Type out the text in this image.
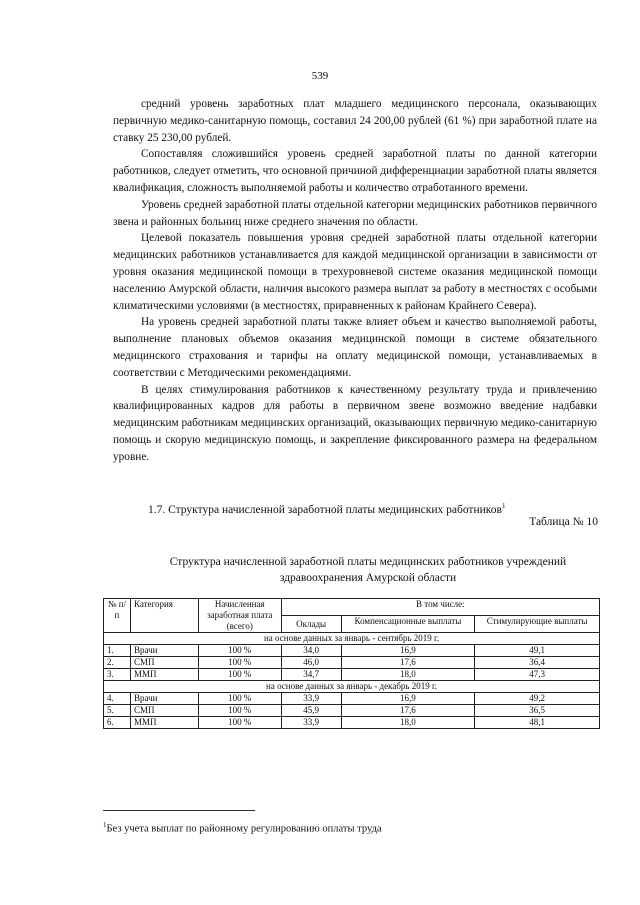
539

средний уровень заработных плат младшего медицинского персонала, оказывающих первичную медико-санитарную помощь, составил 24 200,00 рублей (61 %) при заработной плате на ставку 25 230,00 рублей.

Сопоставляя сложившийся уровень средней заработной платы по данной категории работников, следует отметить, что основной причиной дифференциации заработной платы является квалификация, сложность выполняемой работы и количество отработанного времени.

Уровень средней заработной платы отдельной категории медицинских работников первичного звена и районных больниц ниже среднего значения по области.

Целевой показатель повышения уровня средней заработной платы отдельной категории медицинских работников устанавливается для каждой медицинской организации в зависимости от уровня оказания медицинской помощи в трехуровневой системе оказания медицинской помощи населению Амурской области, наличия высокого размера выплат за работу в местностях с особыми климатическими условиями (в местностях, приравненных к районам Крайнего Севера).

На уровень средней заработной платы также влияет объем и качество выполняемой работы, выполнение плановых объемов оказания медицинской помощи в системе обязательного медицинского страхования и тарифы на оплату медицинской помощи, устанавливаемых в соответствии с Методическими рекомендациями.

В целях стимулирования работников к качественному результату труда и привлечению квалифицированных кадров для работы в первичном звене возможно введение надбавки медицинским работникам медицинских организаций, оказывающих первичную медико-санитарную помощь и скорую медицинскую помощь, и закрепление фиксированного размера на федеральном уровне.

1.7. Структура начисленной заработной платы медицинских работников$^1$
Таблица № 10
Структура начисленной заработной платы медицинских работников учреждений здравоохранения Амурской области
№ п/п	Категория	Начисленная заработная плата (всего)	В том числе:		
			Оклады	Компенсационные выплаты	Стимулирующие выплаты
на основе данных за январь - сентябрь 2019 г.					
1.	Врачи	100 %	34,0	16,9	49,1
2.	СМП	100 %	46,0	17,6	36,4
3.	ММП	100 %	34,7	18,0	47,3
на основе данных за январь - декабрь 2019 г.					
4.	Врачи	100 %	33,9	16,9	49,2
5.	СМП	100 %	45,9	17,6	36,5
6.	ММП	100 %	33,9	18,0	48,1
$^1$Без учета выплат по районному регулированию оплаты труда
